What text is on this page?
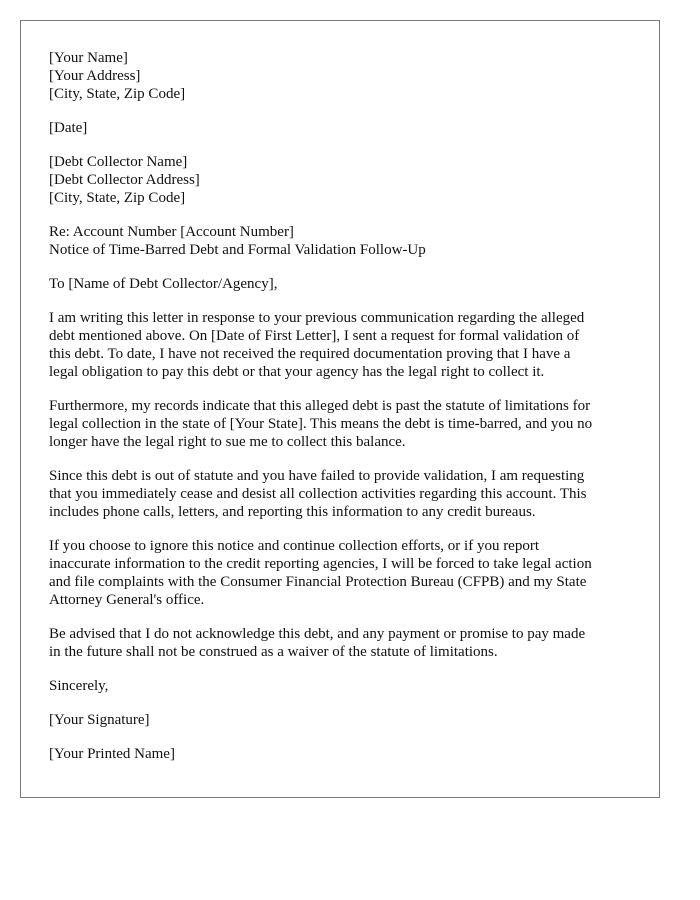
[Your Name]
[Your Address]
[City, State, Zip Code]
[Date]
[Debt Collector Name]
[Debt Collector Address]
[City, State, Zip Code]
Re: Account Number [Account Number]
Notice of Time-Barred Debt and Formal Validation Follow-Up
To [Name of Debt Collector/Agency],

I am writing this letter in response to your previous communication regarding the alleged
debt mentioned above. On [Date of First Letter], I sent a request for formal validation of
this debt. To date, I have not received the required documentation proving that I have a
legal obligation to pay this debt or that your agency has the legal right to collect it.

Furthermore, my records indicate that this alleged debt is past the statute of limitations for
legal collection in the state of [Your State]. This means the debt is time-barred, and you no
longer have the legal right to sue me to collect this balance.

Since this debt is out of statute and you have failed to provide validation, I am requesting
that you immediately cease and desist all collection activities regarding this account. This
includes phone calls, letters, and reporting this information to any credit bureaus.

If you choose to ignore this notice and continue collection efforts, or if you report
inaccurate information to the credit reporting agencies, I will be forced to take legal action
and file complaints with the Consumer Financial Protection Bureau (CFPB) and my State
Attorney General's office.

Be advised that I do not acknowledge this debt, and any payment or promise to pay made
in the future shall not be construed as a waiver of the statute of limitations.

Sincerely,
[Your Signature]
[Your Printed Name]
